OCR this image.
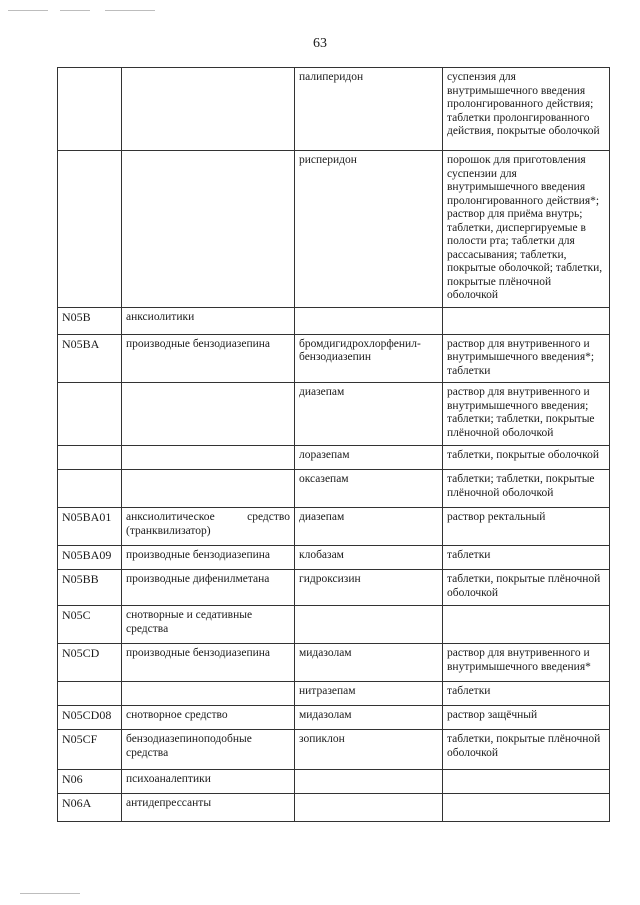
63
		палиперидон	суспензия для внутримышечного введения пролонгированного действия; таблетки пролонгированного действия, покрытые оболочкой
		рисперидон	порошок для приготовления суспензии для внутримышечного введения пролонгированного действия*; раствор для приёма внутрь; таблетки, диспергируемые в полости рта; таблетки для рассасывания; таблетки, покрытые оболочкой; таблетки, покрытые плёночной оболочкой
N05B	анксиолитики		
N05BA	производные бензодиазепина	бромдигидрохлорфенил-бензодиазепин	раствор для внутривенного и внутримышечного введения*; таблетки
		диазепам	раствор для внутривенного и внутримышечного введения; таблетки; таблетки, покрытые плёночной оболочкой
		лоразепам	таблетки, покрытые оболочкой
		оксазепам	таблетки; таблетки, покрытые плёночной оболочкой
N05BA01	анксиолитическое средство (транквилизатор)	диазепам	раствор ректальный
N05BA09	производные бензодиазепина	клобазам	таблетки
N05BB	производные дифенилметана	гидроксизин	таблетки, покрытые плёночной оболочкой
N05C	снотворные и седативные средства		
N05CD	производные бензодиазепина	мидазолам	раствор для внутривенного и внутримышечного введения*
		нитразепам	таблетки
N05CD08	снотворное средство	мидазолам	раствор защёчный
N05CF	бензодиазепиноподобные средства	зопиклон	таблетки, покрытые плёночной оболочкой
N06	психоаналептики		
N06A	антидепрессанты		
